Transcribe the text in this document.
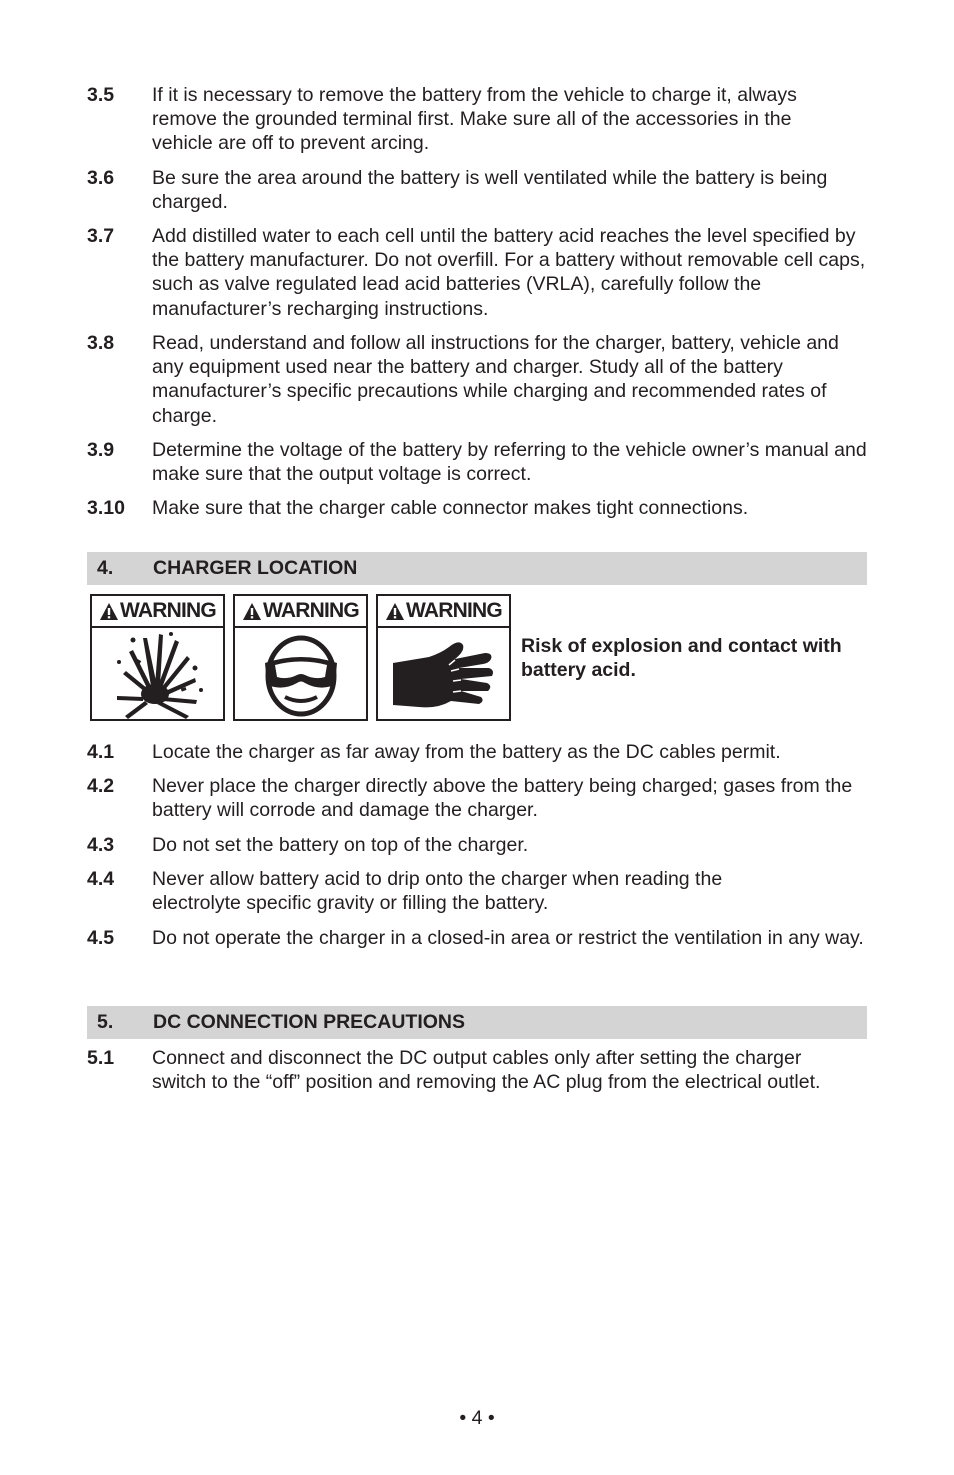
3.5	If it is necessary to remove the battery from the vehicle to charge it, always remove the grounded terminal first. Make sure all of the accessories in the vehicle are off to prevent arcing.
3.6	Be sure the area around the battery is well ventilated while the battery is being charged.
3.7	Add distilled water to each cell until the battery acid reaches the level specified by the battery manufacturer. Do not overfill. For a battery without removable cell caps, such as valve regulated lead acid batteries (VRLA), carefully follow the manufacturer’s recharging instructions.
3.8	Read, understand and follow all instructions for the charger, battery, vehicle and any equipment used near the battery and charger. Study all of the battery manufacturer’s specific precautions while charging and recommended rates of charge.
3.9	Determine the voltage of the battery by referring to the vehicle owner’s manual and make sure that the output voltage is correct.
3.10	Make sure that the charger cable connector makes tight connections.
4.	CHARGER LOCATION
WARNING WARNING WARNING
Risk of explosion and contact with battery acid.
4.1	Locate the charger as far away from the battery as the DC cables permit.
4.2	Never place the charger directly above the battery being charged; gases from the battery will corrode and damage the charger.
4.3	Do not set the battery on top of the charger.
4.4	Never allow battery acid to drip onto the charger when reading the electrolyte specific gravity or filling the battery.
4.5	Do not operate the charger in a closed-in area or restrict the ventilation in any way.
5.	DC CONNECTION PRECAUTIONS
5.1	Connect and disconnect the DC output cables only after setting the charger switch to the “off” position and removing the AC plug from the electrical outlet.
• 4 •
